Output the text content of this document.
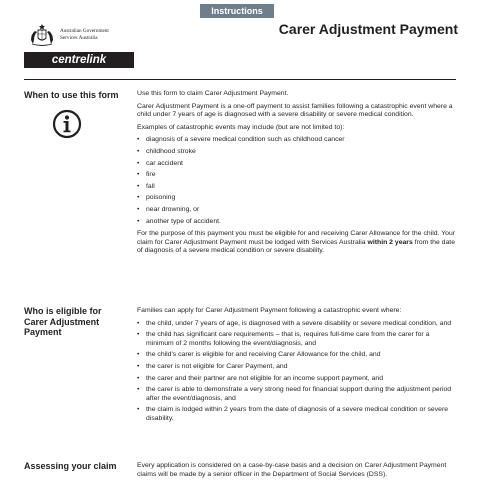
Instructions
Australian Government
Services Australia
Carer Adjustment Payment
centrelink
When to use this form	Use this form to claim Carer Adjustment Payment.

Carer Adjustment Payment is a one-off payment to assist families following a catastrophic event where a child under 7 years of age is diagnosed with a severe disability or severe medical condition.

Examples of catastrophic events may include (but are not limited to):

• diagnosis of a severe medical condition such as childhood cancer
• childhood stroke
• car accident
• fire
• fall
• poisoning
• near drowning, or
• another type of accident.

For the purpose of this payment you must be eligible for and receiving Carer Allowance for the child. Your claim for Carer Adjustment Payment must be lodged with Services Australia within 2 years from the date of diagnosis of a severe medical condition or severe disability.

Who is eligible for Carer Adjustment Payment

Families can apply for Carer Adjustment Payment following a catastrophic event where:

• the child, under 7 years of age, is diagnosed with a severe disability or severe medical condition, and
• the child has significant care requirements – that is, requires full-time care from the carer for a minimum of 2 months following the event/diagnosis, and
• the child's carer is eligible for and receiving Carer Allowance for the child, and
• the carer is not eligible for Carer Payment, and
• the carer and their partner are not eligible for an income support payment, and
• the carer is able to demonstrate a very strong need for financial support during the adjustment period after the event/diagnosis, and
• the claim is lodged within 2 years from the date of diagnosis of a severe medical condition or severe disability.
Assessing your claim	Every application is considered on a case-by-case basis and a decision on Carer Adjustment Payment claims will be made by a senior officer in the Department of Social Services (DSS).
